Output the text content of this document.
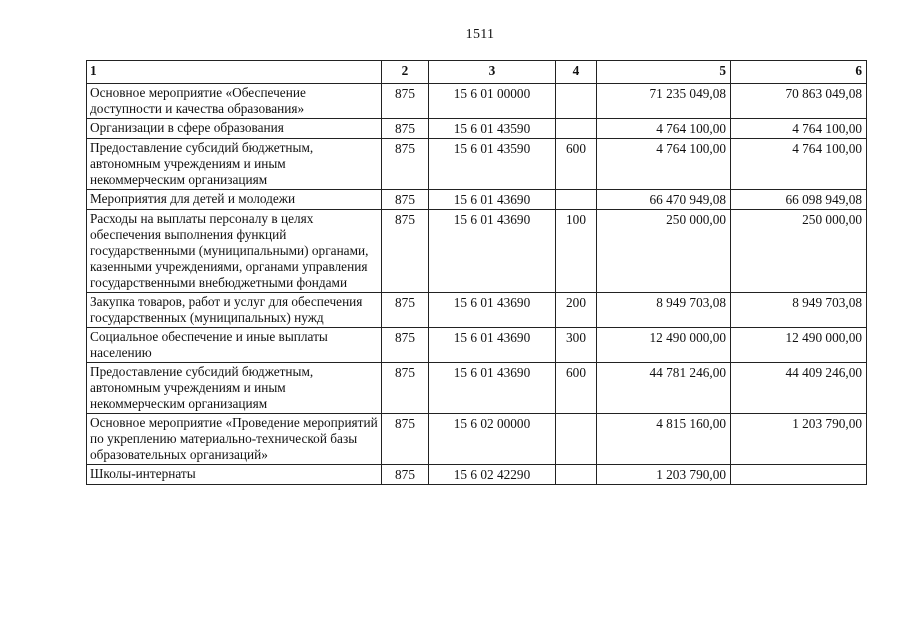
1511
1	2	3	4	5	6
Основное мероприятие «Обеспечение доступности и качества образования»	875	15 6 01 00000		71 235 049,08	70 863 049,08
Организации в сфере образования	875	15 6 01 43590		4 764 100,00	4 764 100,00
Предоставление субсидий бюджетным, автономным учреждениям и иным некоммерческим организациям	875	15 6 01 43590	600	4 764 100,00	4 764 100,00
Мероприятия для детей и молодежи	875	15 6 01 43690		66 470 949,08	66 098 949,08
Расходы на выплаты персоналу в целях обеспечения выполнения функций государственными (муниципальными) органами, казенными учреждениями, органами управления государственными внебюджетными фондами	875	15 6 01 43690	100	250 000,00	250 000,00
Закупка товаров, работ и услуг для обеспечения государственных (муниципальных) нужд	875	15 6 01 43690	200	8 949 703,08	8 949 703,08
Социальное обеспечение и иные выплаты населению	875	15 6 01 43690	300	12 490 000,00	12 490 000,00
Предоставление субсидий бюджетным, автономным учреждениям и иным некоммерческим организациям	875	15 6 01 43690	600	44 781 246,00	44 409 246,00
Основное мероприятие «Проведение мероприятий по укреплению материально-технической базы образовательных организаций»	875	15 6 02 00000		4 815 160,00	1 203 790,00
Школы-интернаты	875	15 6 02 42290		1 203 790,00	
